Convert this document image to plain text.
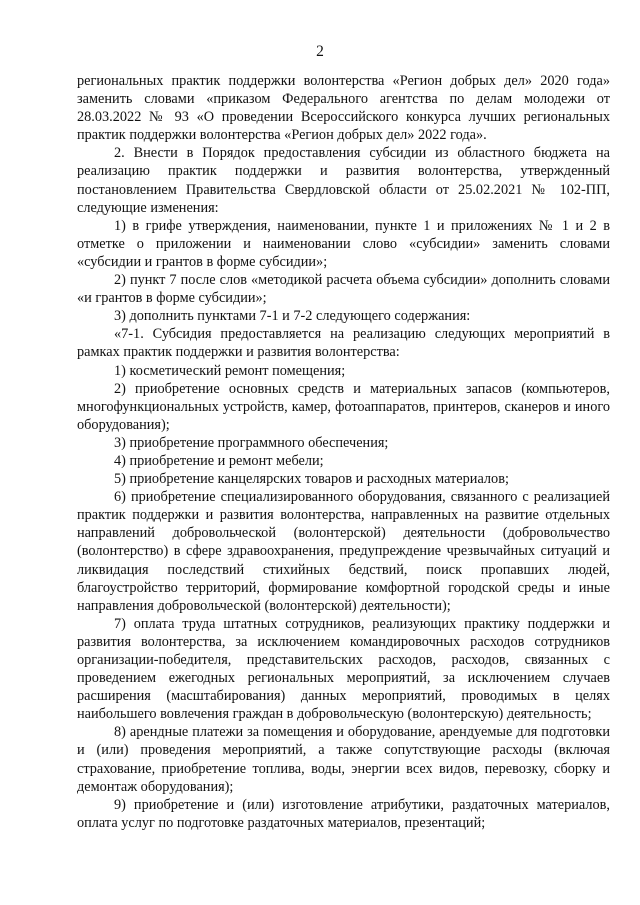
2

региональных практик поддержки волонтерства «Регион добрых дел» 2020 года» заменить словами «приказом Федерального агентства по делам молодежи от 28.03.2022 № 93 «О проведении Всероссийского конкурса лучших региональных практик поддержки волонтерства «Регион добрых дел» 2022 года».

2. Внести в Порядок предоставления субсидии из областного бюджета на реализацию практик поддержки и развития волонтерства, утвержденный постановлением Правительства Свердловской области от 25.02.2021 № 102-ПП, следующие изменения:

1) в грифе утверждения, наименовании, пункте 1 и приложениях № 1 и 2 в отметке о приложении и наименовании слово «субсидии» заменить словами «субсидии и грантов в форме субсидии»;

2) пункт 7 после слов «методикой расчета объема субсидии» дополнить словами «и грантов в форме субсидии»;

3) дополнить пунктами 7-1 и 7-2 следующего содержания:

«7-1. Субсидия предоставляется на реализацию следующих мероприятий в рамках практик поддержки и развития волонтерства:

1) косметический ремонт помещения;

2) приобретение основных средств и материальных запасов (компьютеров, многофункциональных устройств, камер, фотоаппаратов, принтеров, сканеров и иного оборудования);

3) приобретение программного обеспечения;

4) приобретение и ремонт мебели;

5) приобретение канцелярских товаров и расходных материалов;

6) приобретение специализированного оборудования, связанного с реализацией практик поддержки и развития волонтерства, направленных на развитие отдельных направлений добровольческой (волонтерской) деятельности (добровольчество (волонтерство) в сфере здравоохранения, предупреждение чрезвычайных ситуаций и ликвидация последствий стихийных бедствий, поиск пропавших людей, благоустройство территорий, формирование комфортной городской среды и иные направления добровольческой (волонтерской) деятельности);

7) оплата труда штатных сотрудников, реализующих практику поддержки и развития волонтерства, за исключением командировочных расходов сотрудников организации-победителя, представительских расходов, расходов, связанных с проведением ежегодных региональных мероприятий, за исключением случаев расширения (масштабирования) данных мероприятий, проводимых в целях наибольшего вовлечения граждан в добровольческую (волонтерскую) деятельность;

8) арендные платежи за помещения и оборудование, арендуемые для подготовки и (или) проведения мероприятий, а также сопутствующие расходы (включая страхование, приобретение топлива, воды, энергии всех видов, перевозку, сборку и демонтаж оборудования);

9) приобретение и (или) изготовление атрибутики, раздаточных материалов, оплата услуг по подготовке раздаточных материалов, презентаций;
